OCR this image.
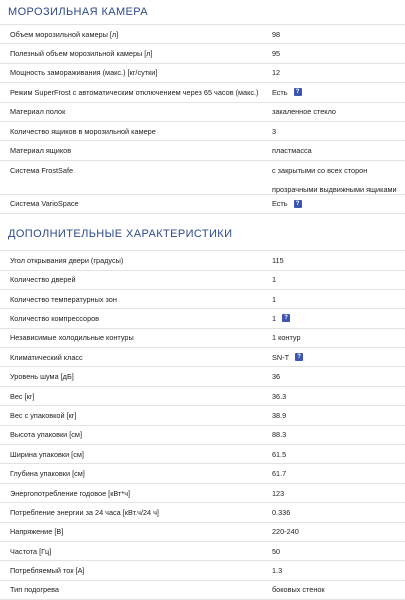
МОРОЗИЛЬНАЯ КАМЕРА
Объем морозильной камеры [л]	98
Полезный объем морозильной камеры [л]	95
Мощность замораживания (макс.) [кг/сутки]	12
Режим SuperFrost с автоматическим отключением через 65 часов (макс.)	Есть	?
Материал полок	закаленное стекло
Количество ящиков в морозильной камере	3
Материал ящиков	пластмасса
Система FrostSafe	с закрытыми со всех сторон
прозрачными выдвижными ящиками
Система VarioSpace	Есть	?
ДОПОЛНИТЕЛЬНЫЕ ХАРАКТЕРИСТИКИ
Угол открывания двери (градусы)	115
Количество дверей	1
Количество температурных зон	1
Количество компрессоров	1	?
Независимые холодильные контуры	1 контур
Климатический класс	SN-T	?
Уровень шума [дБ]	36
Вес [кг]	36.3
Вес с упаковкой [кг]	38.9
Высота упаковки [см]	88.3
Ширина упаковки [см]	61.5
Глубина упаковки [см]	61.7
Энергопотребление годовое [кВт*ч]	123
Потребление энергии за 24 часа [кВт.ч/24 ч]	0.336
Напряжение [В]	220-240
Частота [Гц]	50
Потребляемый ток [А]	1.3
Тип подогрева	боковых стенок
